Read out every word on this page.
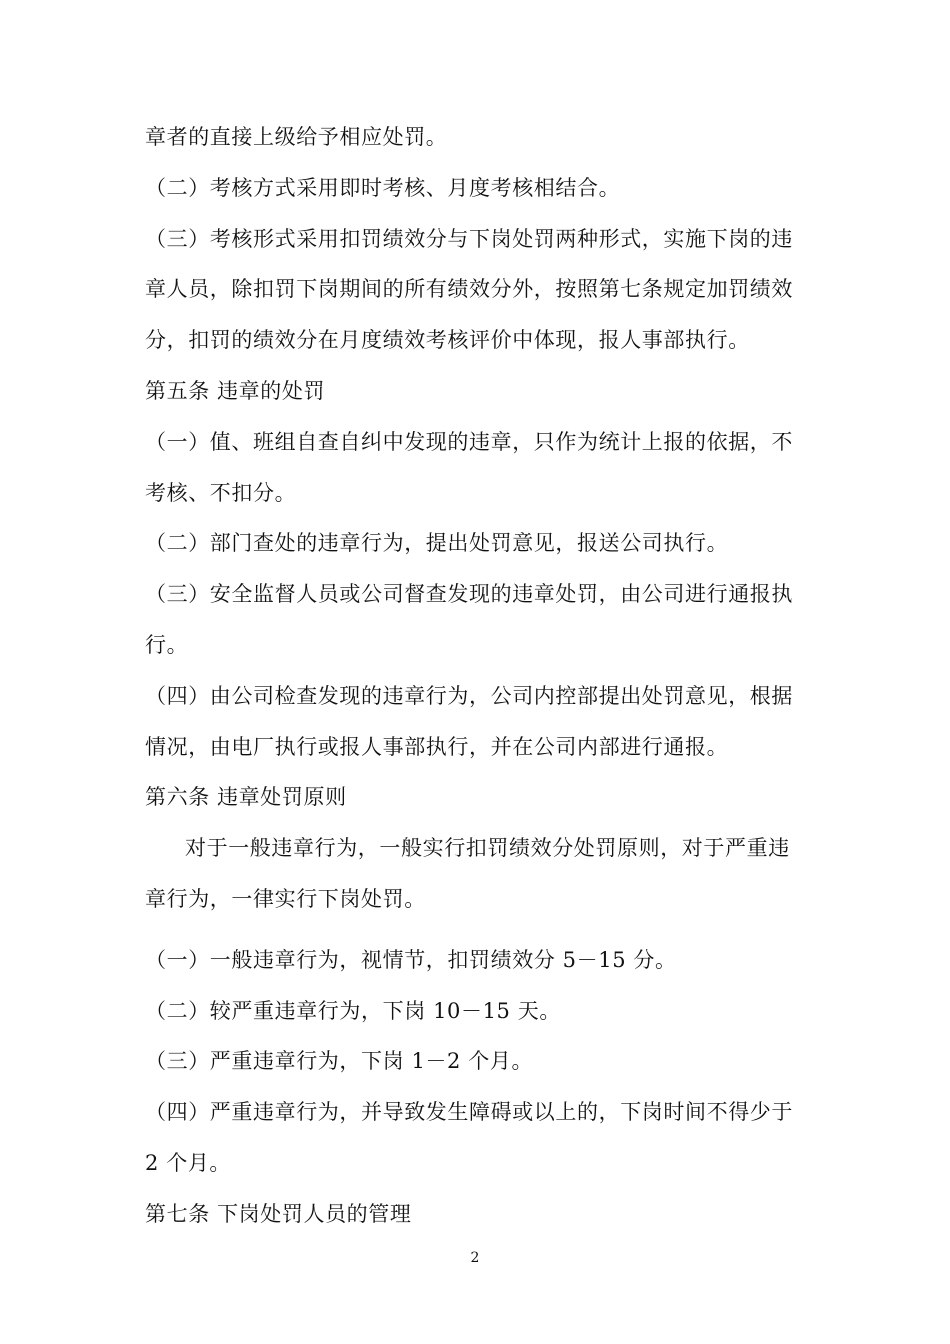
章者的直接上级给予相应处罚。
（二）考核方式采用即时考核、月度考核相结合。
（三）考核形式采用扣罚绩效分与下岗处罚两种形式，实施下岗的违
章人员，除扣罚下岗期间的所有绩效分外，按照第七条规定加罚绩效
分，扣罚的绩效分在月度绩效考核评价中体现，报人事部执行。
第五条 违章的处罚
（一）值、班组自查自纠中发现的违章，只作为统计上报的依据，不
考核、不扣分。
（二）部门查处的违章行为，提出处罚意见，报送公司执行。
（三）安全监督人员或公司督查发现的违章处罚，由公司进行通报执
行。
（四）由公司检查发现的违章行为，公司内控部提出处罚意见，根据
情况，由电厂执行或报人事部执行，并在公司内部进行通报。
第六条 违章处罚原则
对于一般违章行为，一般实行扣罚绩效分处罚原则，对于严重违
章行为，一律实行下岗处罚。
（一）一般违章行为，视情节，扣罚绩效分 5－15 分。
（二）较严重违章行为，下岗 10－15 天。
（三）严重违章行为，下岗 1－2 个月。
（四）严重违章行为，并导致发生障碍或以上的，下岗时间不得少于
2 个月。
第七条 下岗处罚人员的管理
2
